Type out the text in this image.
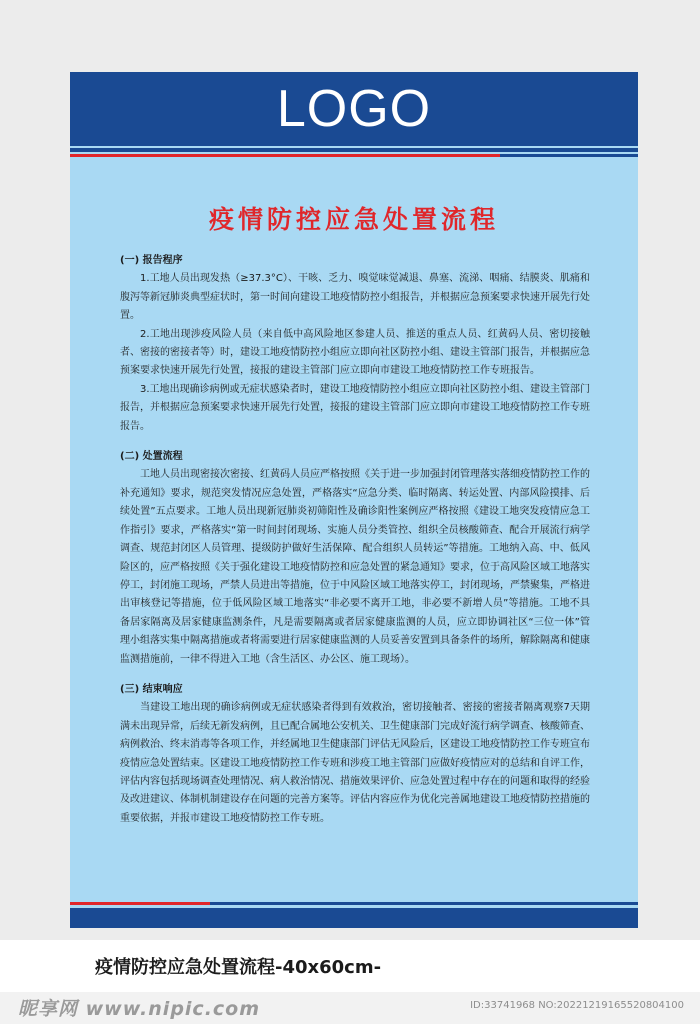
LOGO
疫情防控应急处置流程

(一) 报告程序

1.工地人员出现发热（≥37.3°C）、干咳、乏力、嗅觉味觉减退、鼻塞、流涕、咽痛、结膜炎、肌痛和腹泻等新冠肺炎典型症状时，第一时间向建设工地疫情防控小组报告，并根据应急预案要求快速开展先行处置。

2.工地出现涉疫风险人员（来自低中高风险地区参建人员、推送的重点人员、红黄码人员、密切接触者、密接的密接者等）时，建设工地疫情防控小组应立即向社区防控小组、建设主管部门报告，并根据应急预案要求快速开展先行处置，接报的建设主管部门应立即向市建设工地疫情防控工作专班报告。

3.工地出现确诊病例或无症状感染者时，建设工地疫情防控小组应立即向社区防控小组、建设主管部门报告，并根据应急预案要求快速开展先行处置，接报的建设主管部门应立即向市建设工地疫情防控工作专班报告。

(二) 处置流程

工地人员出现密接次密接、红黄码人员应严格按照《关于进一步加强封闭管理落实落细疫情防控工作的补充通知》要求，规范突发情况应急处置，严格落实“应急分类、临时隔离、转运处置、内部风险摸排、后续处置”五点要求。工地人员出现新冠肺炎初筛阳性及确诊阳性案例应严格按照《建设工地突发疫情应急工作指引》要求，严格落实“第一时间封闭现场、实施人员分类管控、组织全员核酸筛查、配合开展流行病学调查、规范封闭区人员管理、提级防护做好生活保障、配合组织人员转运”等措施。工地纳入高、中、低风险区的，应严格按照《关于强化建设工地疫情防控和应急处置的紧急通知》要求，位于高风险区域工地落实停工，封闭施工现场，严禁人员进出等措施，位于中风险区域工地落实停工，封闭现场，严禁聚集，严格进出审核登记等措施，位于低风险区域工地落实“非必要不离开工地，非必要不新增人员”等措施。工地不具备居家隔离及居家健康监测条件，凡是需要隔离或者居家健康监测的人员，应立即协调社区“三位一体”管理小组落实集中隔离措施或者将需要进行居家健康监测的人员妥善安置到具备条件的场所，解除隔离和健康监测措施前，一律不得进入工地（含生活区、办公区、施工现场）。

(三) 结束响应

当建设工地出现的确诊病例或无症状感染者得到有效救治，密切接触者、密接的密接者隔离观察7天期满未出现异常，后续无新发病例，且已配合属地公安机关、卫生健康部门完成好流行病学调查、核酸筛查、病例救治、终末消毒等各项工作，并经属地卫生健康部门评估无风险后，区建设工地疫情防控工作专班宣布疫情应急处置结束。区建设工地疫情防控工作专班和涉疫工地主管部门应做好疫情应对的总结和自评工作，评估内容包括现场调查处理情况、病人救治情况、措施效果评价、应急处置过程中存在的问题和取得的经验及改进建议、体制机制建设存在问题的完善方案等。评估内容应作为优化完善属地建设工地疫情防控措施的重要依据，并报市建设工地疫情防控工作专班。

疫情防控应急处置流程-40x60cm-
昵享网 www.nipic.com	ID:33741968 NO:20221219165520804100
